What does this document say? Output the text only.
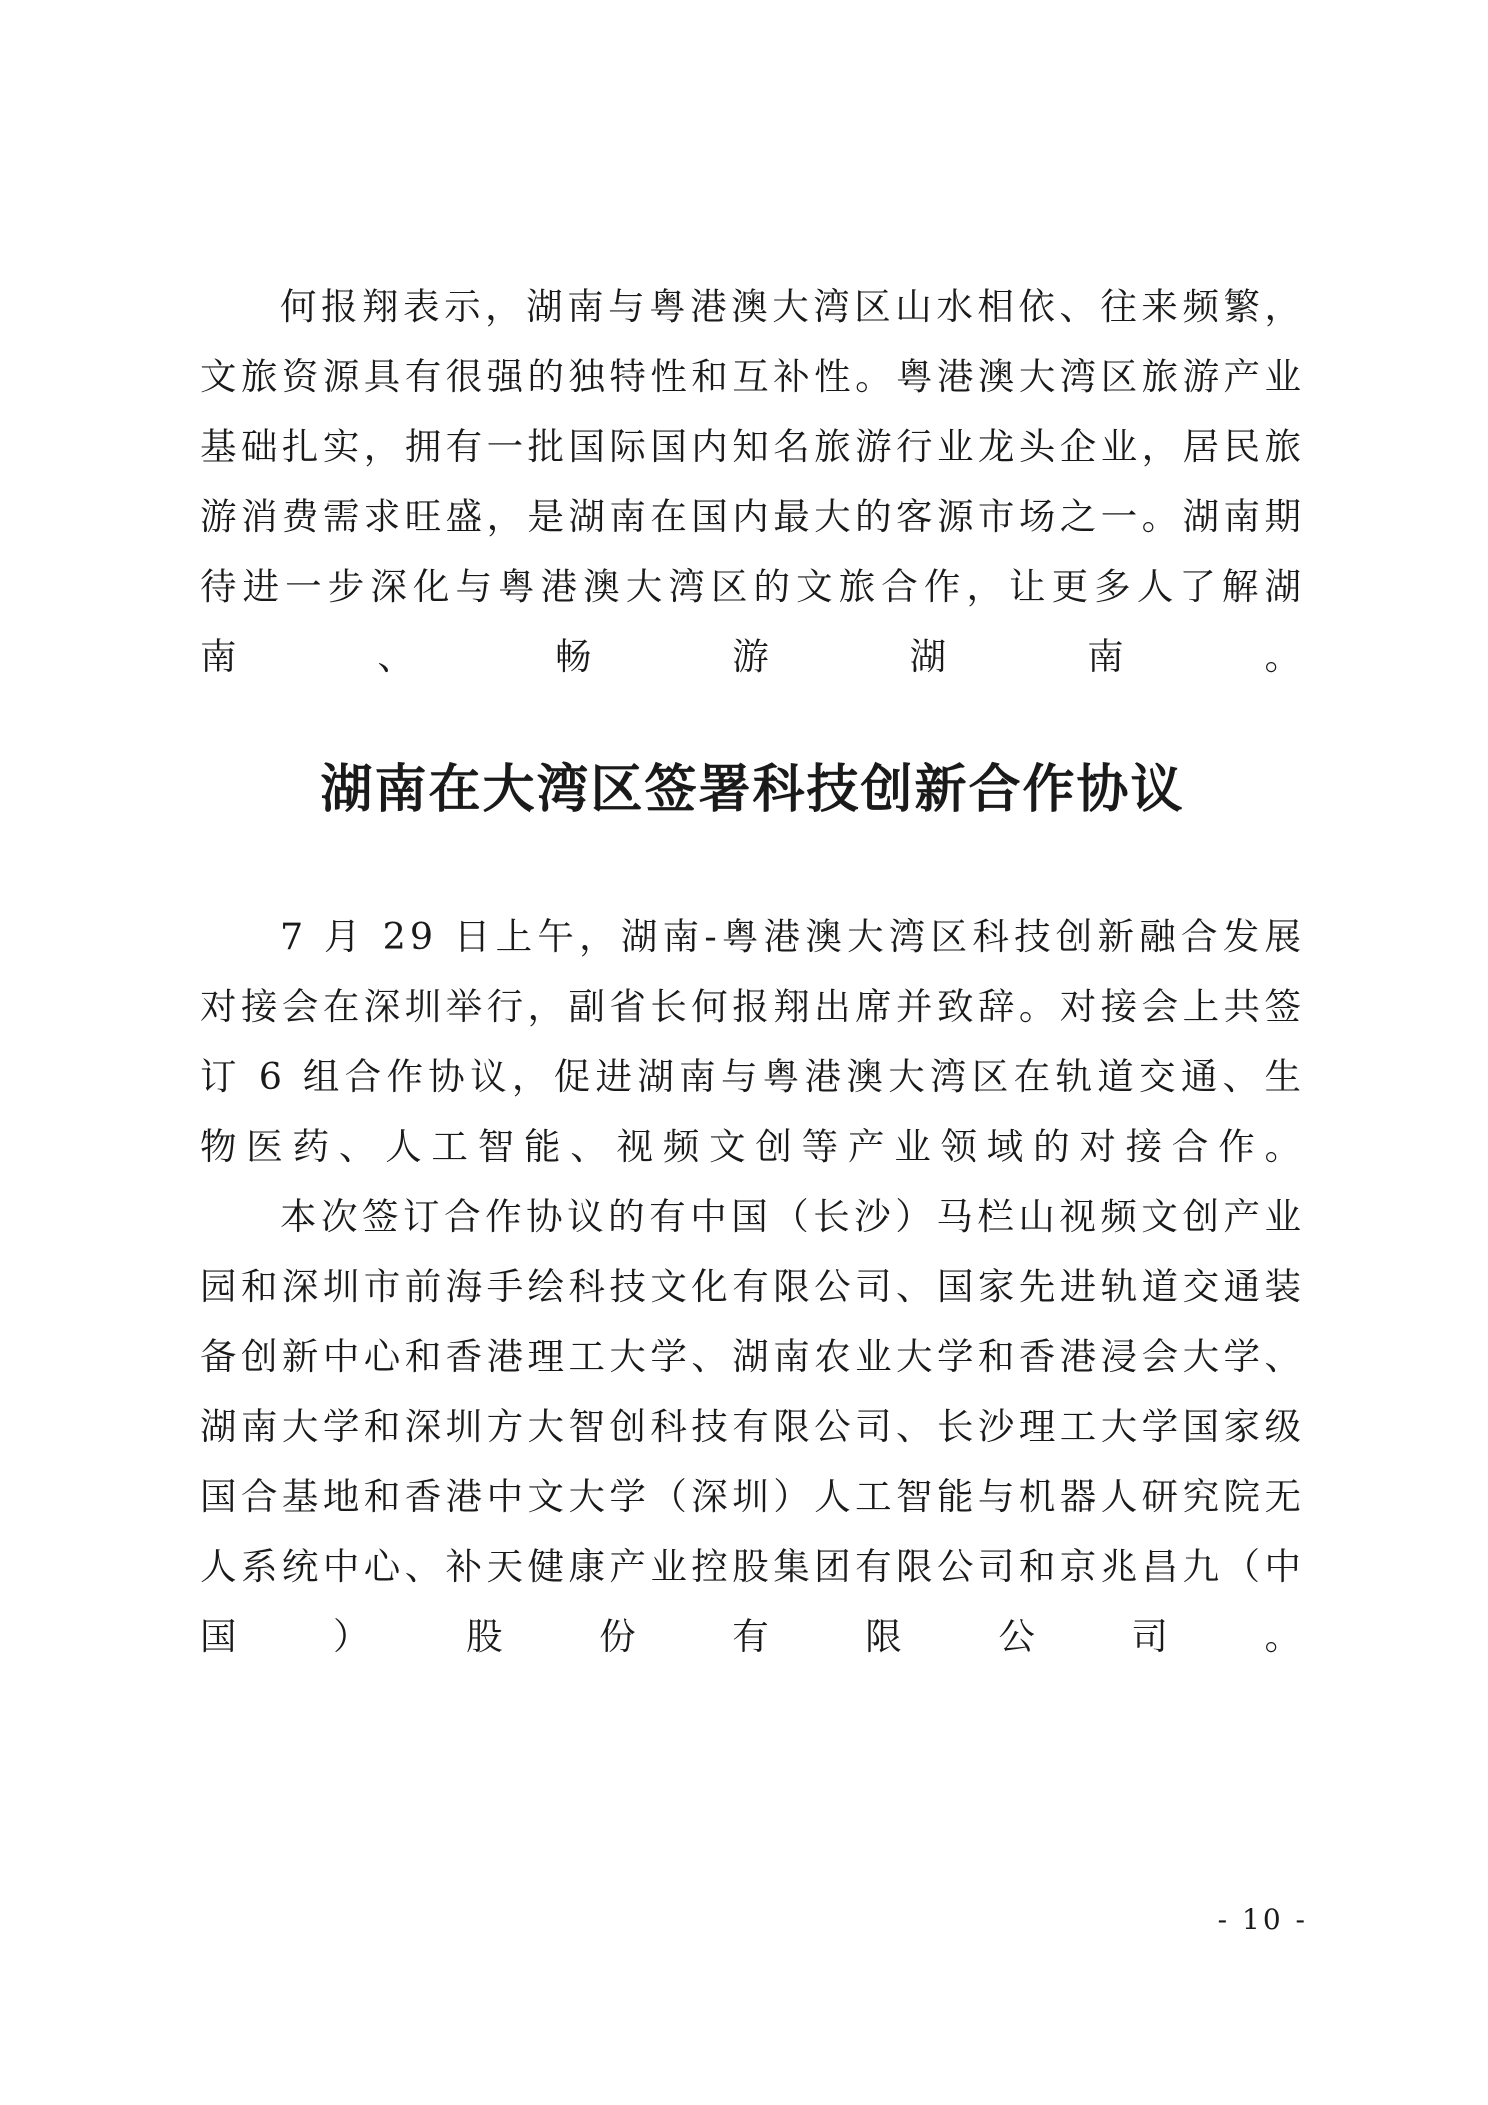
何报翔表示，湖南与粤港澳大湾区山水相依、往来频繁，文旅资源具有很强的独特性和互补性。粤港澳大湾区旅游产业基础扎实，拥有一批国际国内知名旅游行业龙头企业，居民旅游消费需求旺盛，是湖南在国内最大的客源市场之一。湖南期待进一步深化与粤港澳大湾区的文旅合作，让更多人了解湖南、畅游湖南。

湖南在大湾区签署科技创新合作协议

7 月 29 日上午，湖南-粤港澳大湾区科技创新融合发展对接会在深圳举行，副省长何报翔出席并致辞。对接会上共签订 6 组合作协议，促进湖南与粤港澳大湾区在轨道交通、生物医药、人工智能、视频文创等产业领域的对接合作。

本次签订合作协议的有中国（长沙）马栏山视频文创产业园和深圳市前海手绘科技文化有限公司、国家先进轨道交通装备创新中心和香港理工大学、湖南农业大学和香港浸会大学、湖南大学和深圳方大智创科技有限公司、长沙理工大学国家级国合基地和香港中文大学（深圳）人工智能与机器人研究院无人系统中心、补天健康产业控股集团有限公司和京兆昌九（中国）股份有限公司。

- 10 -
